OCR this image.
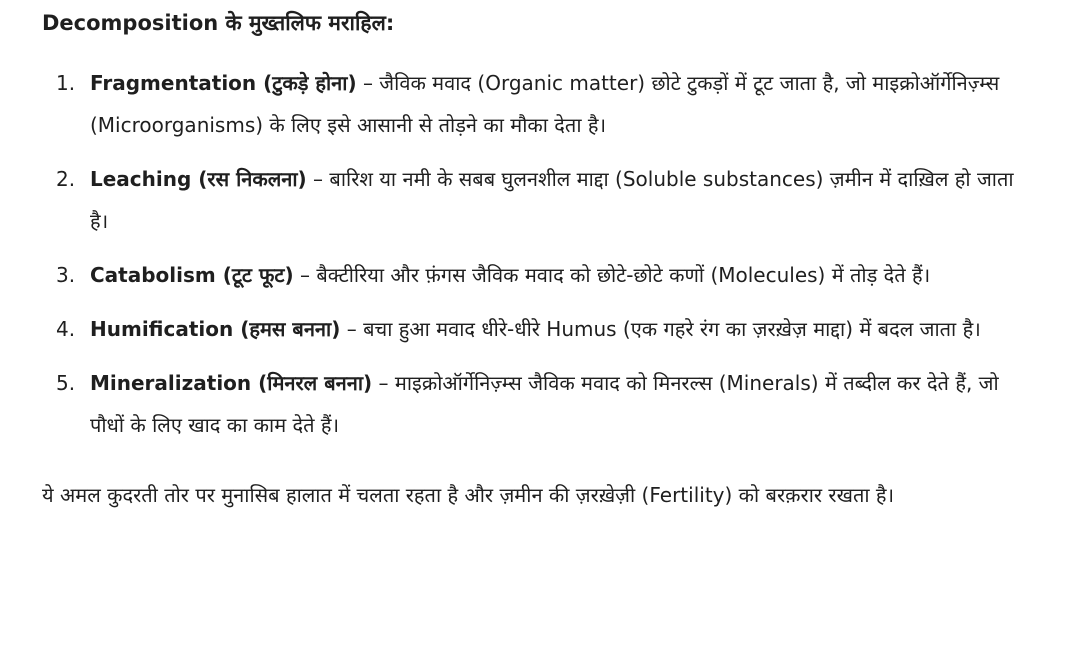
Decomposition के मुख्तलिफ मराहिल:
1. Fragmentation (टुकड़े होना) – जैविक मवाद (Organic matter) छोटे टुकड़ों में टूट जाता है, जो माइक्रोऑर्गेनिज़्म्स (Microorganisms) के लिए इसे आसानी से तोड़ने का मौका देता है।
2. Leaching (रस निकलना) – बारिश या नमी के सबब घुलनशील माद्दा (Soluble substances) ज़मीन में दाख़िल हो जाता है।
3. Catabolism (टूट फूट) – बैक्टीरिया और फ़ंगस जैविक मवाद को छोटे-छोटे कणों (Molecules) में तोड़ देते हैं।
4. Humification (हमस बनना) – बचा हुआ मवाद धीरे-धीरे Humus (एक गहरे रंग का ज़रख़ेज़ माद्दा) में बदल जाता है।
5. Mineralization (मिनरल बनना) – माइक्रोऑर्गेनिज़्म्स जैविक मवाद को मिनरल्स (Minerals) में तब्दील कर देते हैं, जो पौधों के लिए खाद का काम देते हैं।

ये अमल कुदरती तोर पर मुनासिब हालात में चलता रहता है और ज़मीन की ज़रख़ेज़ी (Fertility) को बरक़रार रखता है।
